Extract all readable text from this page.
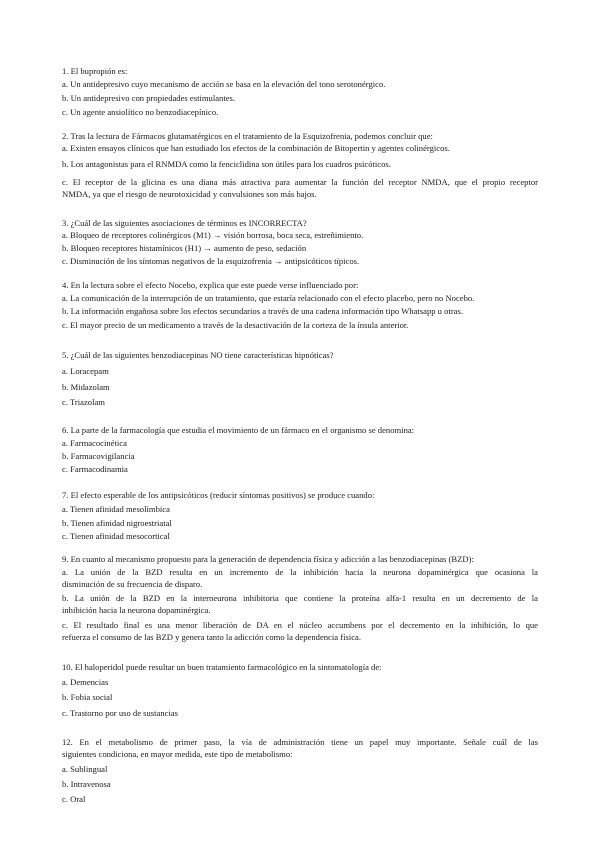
1. El bupropión es:
a. Un antidepresivo cuyo mecanismo de acción se basa en la elevación del tono serotonérgico.
b. Un antidepresivo con propiedades estimulantes.
c. Un agente ansiolítico no benzodiacepínico.
2. Tras la lectura de Fármacos glutamatérgicos en el tratamiento de la Esquizofrenia, podemos concluir que:
a. Existen ensayos clínicos que han estudiado los efectos de la combinación de Bitopertin y agentes colinérgicos.
b. Los antagonistas para el RNMDA como la fenciclidina son útiles para los cuadros psicóticos.
c. El receptor de la glicina es una diana más atractiva para aumentar la función del receptor NMDA, que el propio receptor
NMDA, ya que el riesgo de neurotoxicidad y convulsiones son más bajos.
3. ¿Cuál de las siguientes asociaciones de términos es INCORRECTA?
a. Bloqueo de receptores colinérgicos (M1) → visión borrosa, boca seca, estreñimiento.
b. Bloqueo receptores histamínicos (H1) → aumento de peso, sedación
c. Disminución de los síntomas negativos de la esquizofrenia → antipsicóticos típicos.
4. En la lectura sobre el efecto Nocebo, explica que este puede verse influenciado por:
a. La comunicación de la interrupción de un tratamiento, que estaría relacionado con el efecto placebo, pero no Nocebo.
b. La información engañosa sobre los efectos secundarios a través de una cadena información tipo Whatsapp u otras.
c. El mayor precio de un medicamento a través de la desactivación de la corteza de la ínsula anterior.
5. ¿Cuál de las siguientes benzodiacepinas NO tiene características hipnóticas?
a. Loracepam
b. Midazolam
c. Triazolam
6. La parte de la farmacología que estudia el movimiento de un fármaco en el organismo se denomina:
a. Farmacocinética
b. Farmacovigilancia
c. Farmacodinamia
7. El efecto esperable de los antipsicóticos (reducir síntomas positivos) se produce cuando:
a. Tienen afinidad mesolímbica
b. Tienen afinidad nigroestriatal
c. Tienen afinidad mesocortical
9. En cuanto al mecanismo propuesto para la generación de dependencia física y adicción a las benzodiacepinas (BZD):
a. La unión de la BZD resulta en un incremento de la inhibición hacia la neurona dopaminérgica que ocasiona la
disminución de su frecuencia de disparo.
b. La unión de la BZD en la interneurona inhibitoria que contiene la proteína alfa-1 resulta en un decremento de la
inhibición hacia la neurona dopaminérgica.
c. El resultado final es una menor liberación de DA en el núcleo accumbens por el decremento en la inhibición, lo que
refuerza el consumo de las BZD y genera tanto la adicción como la dependencia física.
10. El haloperidol puede resultar un buen tratamiento farmacológico en la sintomatología de:
a. Demencias
b. Fobia social
c. Trastorno por uso de sustancias
12. En el metabolismo de primer paso, la vía de administración tiene un papel muy importante. Señale cuál de las
siguientes condiciona, en mayor medida, este tipo de metabolismo:
a. Sublingual
b. Intravenosa
c. Oral
